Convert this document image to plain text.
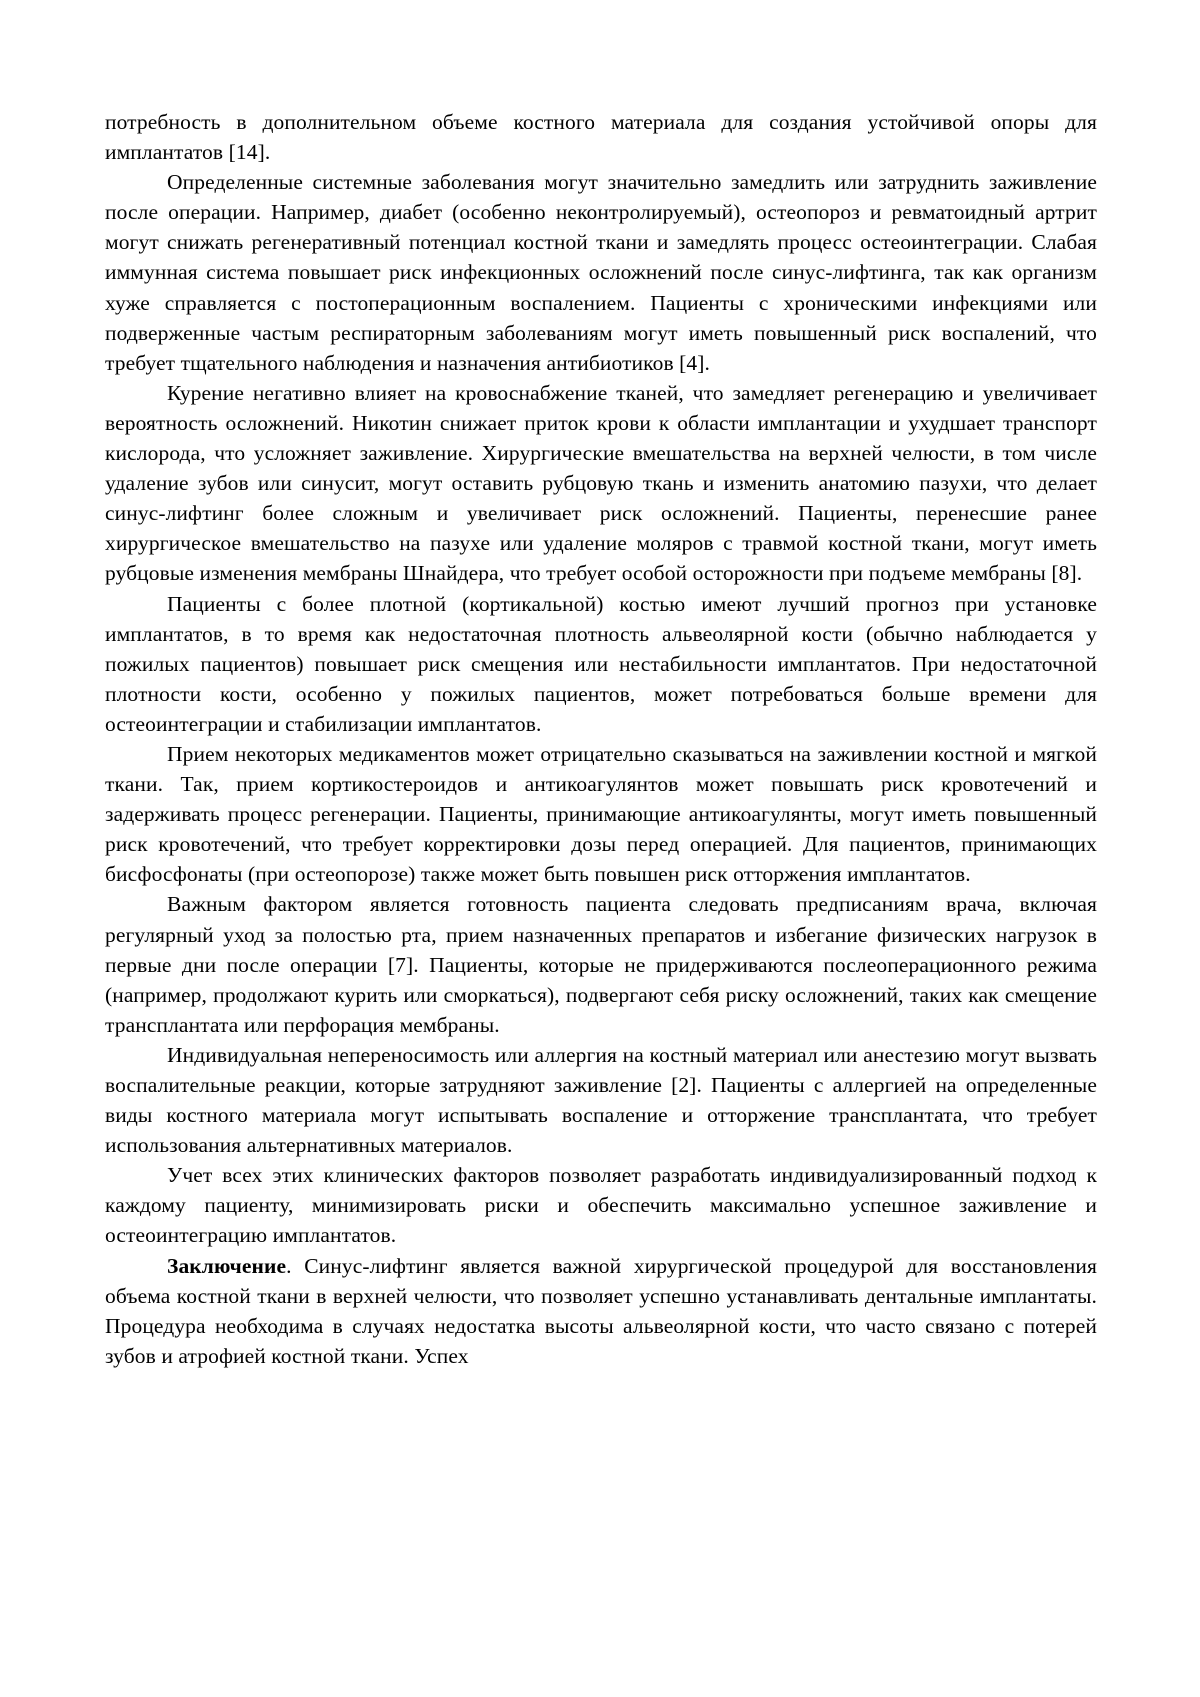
потребность в дополнительном объеме костного материала для создания устойчивой опоры для имплантатов [14].

Определенные системные заболевания могут значительно замедлить или затруднить заживление после операции. Например, диабет (особенно неконтролируемый), остеопороз и ревматоидный артрит могут снижать регенеративный потенциал костной ткани и замедлять процесс остеоинтеграции. Слабая иммунная система повышает риск инфекционных осложнений после синус-лифтинга, так как организм хуже справляется с постоперационным воспалением. Пациенты с хроническими инфекциями или подверженные частым респираторным заболеваниям могут иметь повышенный риск воспалений, что требует тщательного наблюдения и назначения антибиотиков [4].

Курение негативно влияет на кровоснабжение тканей, что замедляет регенерацию и увеличивает вероятность осложнений. Никотин снижает приток крови к области имплантации и ухудшает транспорт кислорода, что усложняет заживление. Хирургические вмешательства на верхней челюсти, в том числе удаление зубов или синусит, могут оставить рубцовую ткань и изменить анатомию пазухи, что делает синус-лифтинг более сложным и увеличивает риск осложнений. Пациенты, перенесшие ранее хирургическое вмешательство на пазухе или удаление моляров с травмой костной ткани, могут иметь рубцовые изменения мембраны Шнайдера, что требует особой осторожности при подъеме мембраны [8].

Пациенты с более плотной (кортикальной) костью имеют лучший прогноз при установке имплантатов, в то время как недостаточная плотность альвеолярной кости (обычно наблюдается у пожилых пациентов) повышает риск смещения или нестабильности имплантатов. При недостаточной плотности кости, особенно у пожилых пациентов, может потребоваться больше времени для остеоинтеграции и стабилизации имплантатов.

Прием некоторых медикаментов может отрицательно сказываться на заживлении костной и мягкой ткани. Так, прием кортикостероидов и антикоагулянтов может повышать риск кровотечений и задерживать процесс регенерации. Пациенты, принимающие антикоагулянты, могут иметь повышенный риск кровотечений, что требует корректировки дозы перед операцией. Для пациентов, принимающих бисфосфонаты (при остеопорозе) также может быть повышен риск отторжения имплантатов.

Важным фактором является готовность пациента следовать предписаниям врача, включая регулярный уход за полостью рта, прием назначенных препаратов и избегание физических нагрузок в первые дни после операции [7]. Пациенты, которые не придерживаются послеоперационного режима (например, продолжают курить или сморкаться), подвергают себя риску осложнений, таких как смещение трансплантата или перфорация мембраны.

Индивидуальная непереносимость или аллергия на костный материал или анестезию могут вызвать воспалительные реакции, которые затрудняют заживление [2]. Пациенты с аллергией на определенные виды костного материала могут испытывать воспаление и отторжение трансплантата, что требует использования альтернативных материалов.

Учет всех этих клинических факторов позволяет разработать индивидуализированный подход к каждому пациенту, минимизировать риски и обеспечить максимально успешное заживление и остеоинтеграцию имплантатов.

Заключение. Синус-лифтинг является важной хирургической процедурой для восстановления объема костной ткани в верхней челюсти, что позволяет успешно устанавливать дентальные имплантаты. Процедура необходима в случаях недостатка высоты альвеолярной кости, что часто связано с потерей зубов и атрофией костной ткани. Успех
